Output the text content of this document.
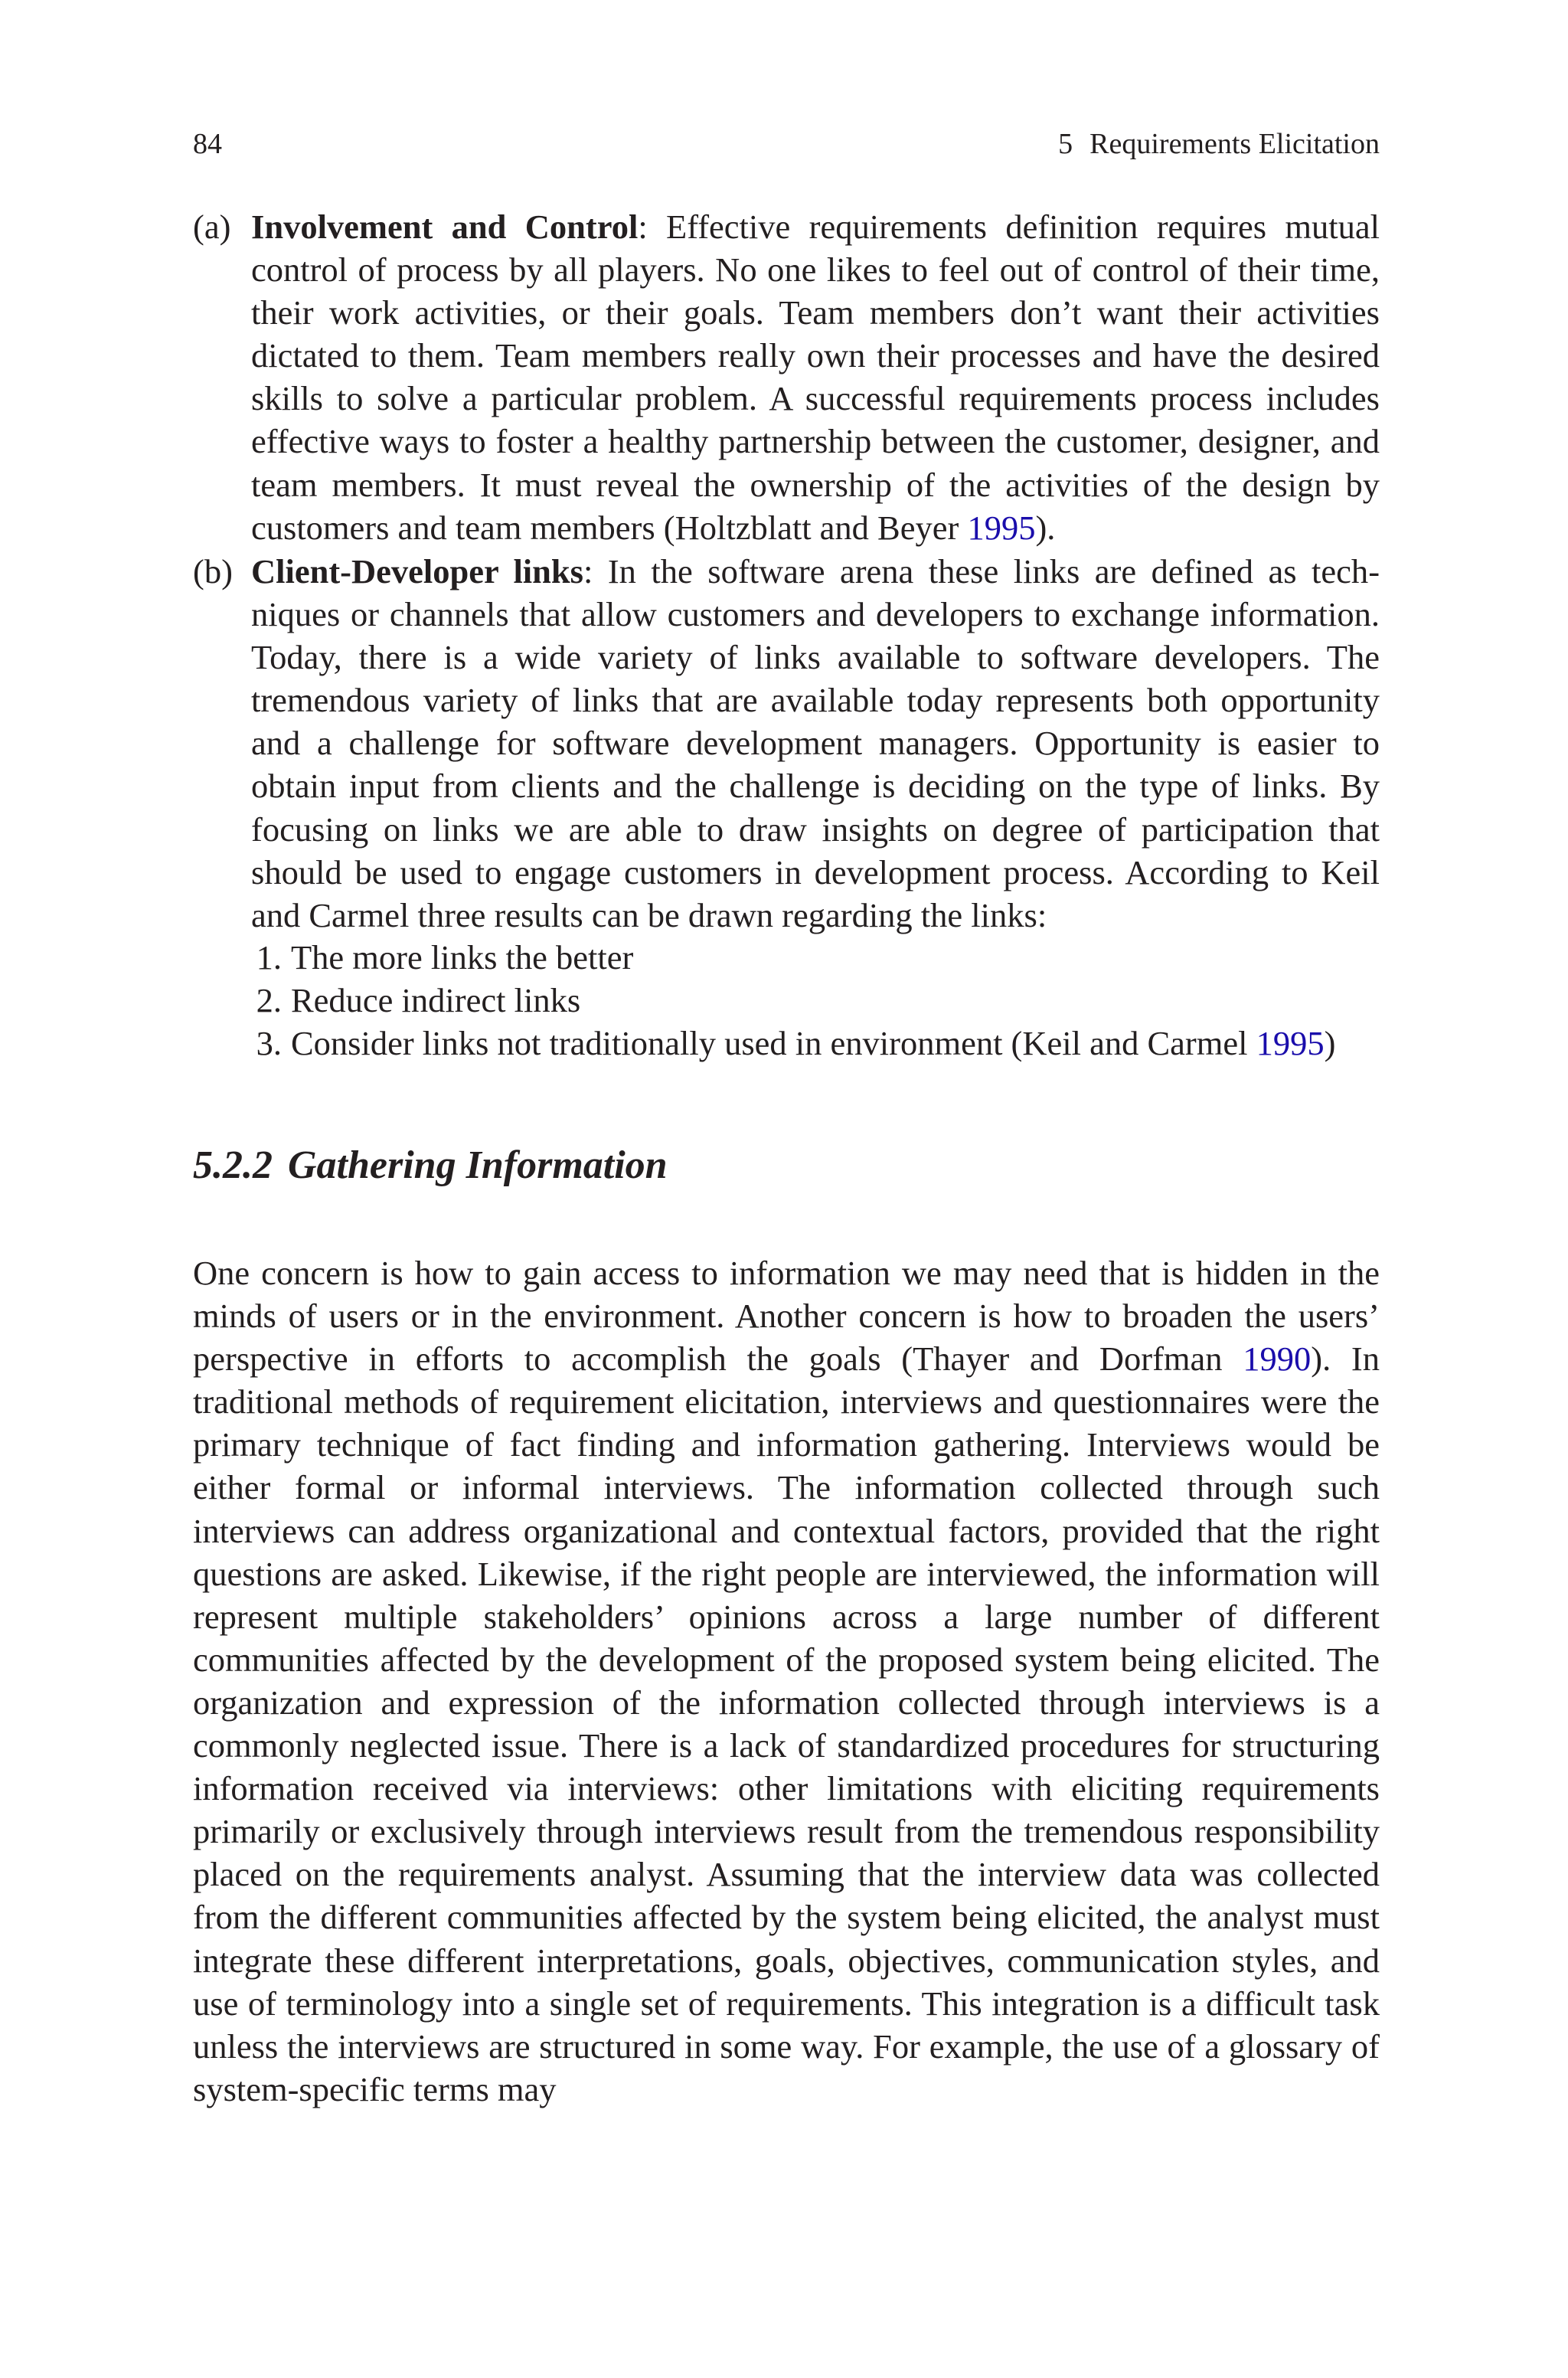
84	5 Requirements Elicitation
(a) Involvement and Control: Effective requirements definition requires mutual control of process by all players. No one likes to feel out of control of their time, their work activities, or their goals. Team members don’t want their activities dictated to them. Team members really own their processes and have the desired skills to solve a particular problem. A successful requirements process includes effective ways to foster a healthy partnership between the customer, designer, and team members. It must reveal the ownership of the activities of the design by customers and team members (Holtzblatt and Beyer 1995).

(b) Client-Developer links: In the software arena these links are defined as techniques or channels that allow customers and developers to exchange information. Today, there is a wide variety of links available to software developers. The tremendous variety of links that are available today represents both opportunity and a challenge for software development managers. Opportunity is easier to obtain input from clients and the challenge is deciding on the type of links. By focusing on links we are able to draw insights on degree of participation that should be used to engage customers in development process. According to Keil and Carmel three results can be drawn regarding the links:

1. The more links the better
2. Reduce indirect links
3. Consider links not traditionally used in environment (Keil and Carmel 1995)
5.2.2 Gathering Information

One concern is how to gain access to information we may need that is hidden in the minds of users or in the environment. Another concern is how to broaden the users’ perspective in efforts to accomplish the goals (Thayer and Dorfman 1990). In traditional methods of requirement elicitation, interviews and questionnaires were the primary technique of fact finding and information gathering. Interviews would be either formal or informal interviews. The information collected through such interviews can address organizational and contextual factors, provided that the right questions are asked. Likewise, if the right people are interviewed, the information will represent multiple stakeholders’ opinions across a large number of different communities affected by the development of the proposed system being elicited. The organization and expression of the information collected through interviews is a commonly neglected issue. There is a lack of standardized procedures for structuring information received via interviews: other limitations with eliciting requirements primarily or exclusively through interviews result from the tremendous responsibility placed on the requirements analyst. Assuming that the interview data was collected from the different communities affected by the system being elicited, the analyst must integrate these different interpretations, goals, objectives, communication styles, and use of terminology into a single set of requirements. This integration is a difficult task unless the interviews are structured in some way. For example, the use of a glossary of system-specific terms may
